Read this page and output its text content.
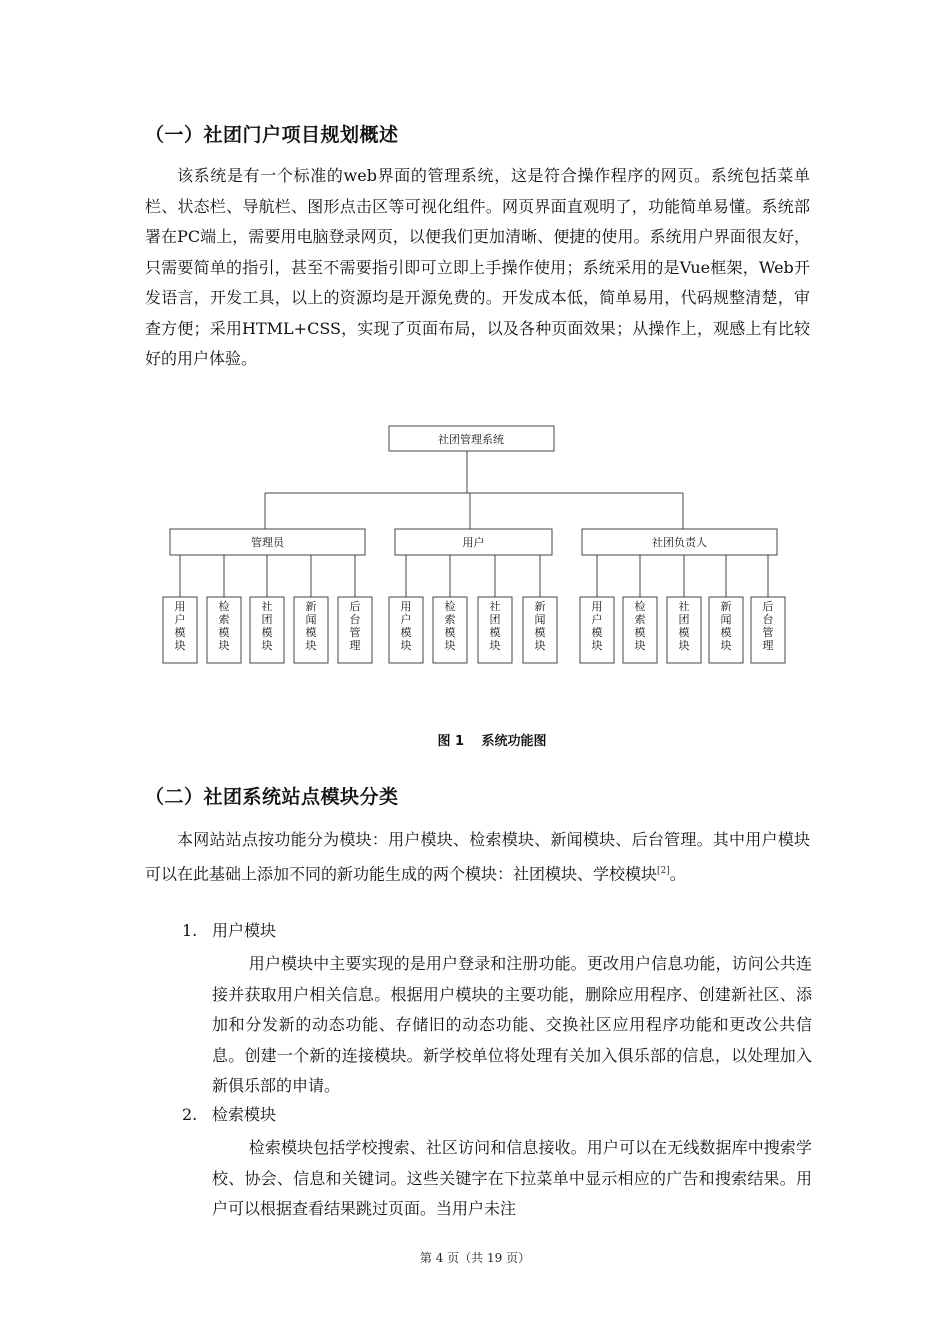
（一）社团门户项目规划概述

该系统是有一个标准的web界面的管理系统，这是符合操作程序的网页。系统包括菜单栏、状态栏、导航栏、图形点击区等可视化组件。网页界面直观明了，功能简单易懂。系统部署在PC端上，需要用电脑登录网页，以便我们更加清晰、便捷的使用。系统用户界面很友好，只需要简单的指引，甚至不需要指引即可立即上手操作使用；系统采用的是Vue框架，Web开发语言，开发工具，以上的资源均是开源免费的。开发成本低，简单易用，代码规整清楚，审查方便；采用HTML+CSS，实现了页面布局，以及各种页面效果；从操作上，观感上有比较好的用户体验。

社团管理系统
管理员
用户模块
检索模块
社团模块
新闻模块
后台管理
用户
用户模块
检索模块
社团模块
新闻模块
社团负责人
用户模块
检索模块
社团模块
新闻模块
后台管理
图 1　 系统功能图
（二）社团系统站点模块分类

本网站站点按功能分为模块：用户模块、检索模块、新闻模块、后台管理。其中用户模块可以在此基础上添加不同的新功能生成的两个模块：社团模块、学校模块[2]。

1. 用户模块

用户模块中主要实现的是用户登录和注册功能。更改用户信息功能，访问公共连接并获取用户相关信息。根据用户模块的主要功能，删除应用程序、创建新社区、添加和分发新的动态功能、存储旧的动态功能、交换社区应用程序功能和更改公共信息。创建一个新的连接模块。新学校单位将处理有关加入俱乐部的信息，以处理加入新俱乐部的申请。

2. 检索模块

检索模块包括学校搜索、社区访问和信息接收。用户可以在无线数据库中搜索学校、协会、信息和关键词。这些关键字在下拉菜单中显示相应的广告和搜索结果。用户可以根据查看结果跳过页面。当用户未注

第 4 页（共 19 页）
